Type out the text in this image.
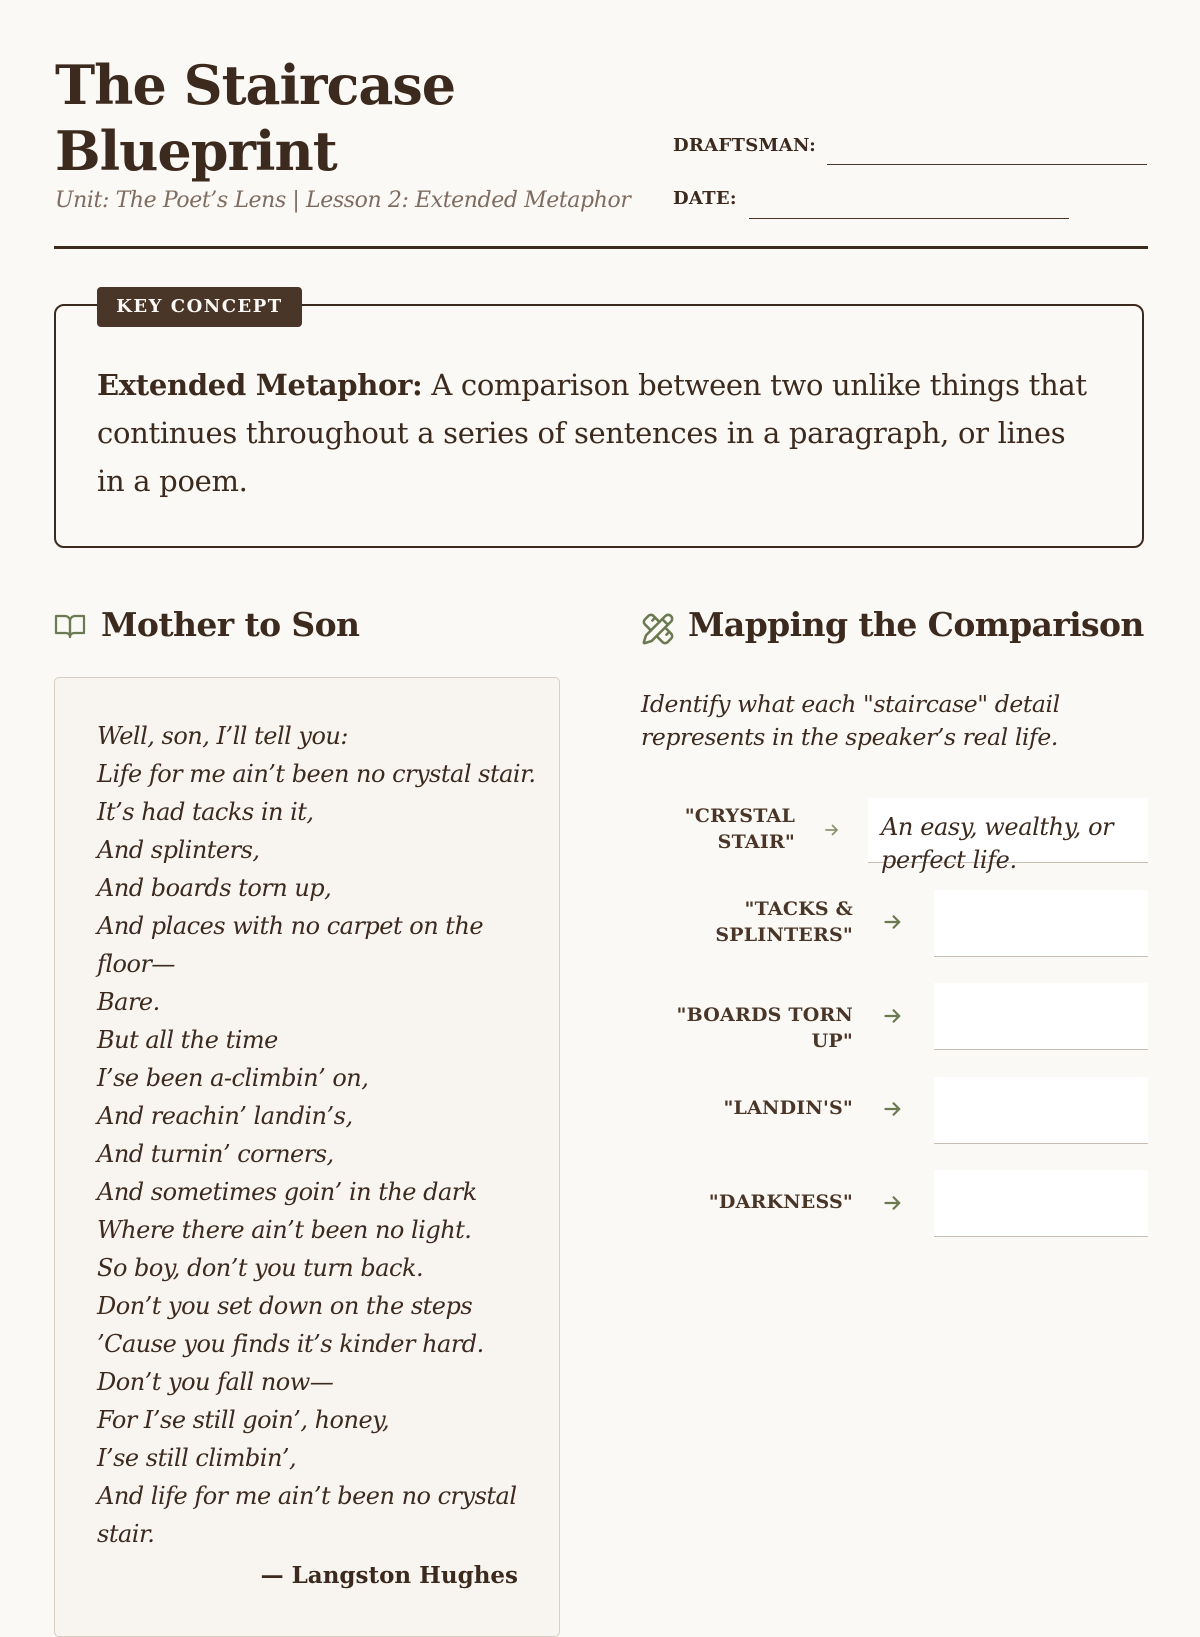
The Staircase Blueprint
Unit: The Poet’s Lens | Lesson 2: Extended Metaphor
DRAFTSMAN:
DATE:
KEY CONCEPT
Extended Metaphor: A comparison between two unlike things that continues throughout a series of sentences in a paragraph, or lines in a poem.
Mother to Son
Well, son, I’ll tell you:
Life for me ain’t been no crystal stair.
It’s had tacks in it,
And splinters,
And boards torn up,
And places with no carpet on the
floor—
Bare.
But all the time
I’se been a-climbin’ on,
And reachin’ landin’s,
And turnin’ corners,
And sometimes goin’ in the dark
Where there ain’t been no light.
So boy, don’t you turn back.
Don’t you set down on the steps
’Cause you finds it’s kinder hard.
Don’t you fall now—
For I’se still goin’, honey,
I’se still climbin’,
And life for me ain’t been no crystal
stair.
— Langston Hughes
Mapping the Comparison
Identify what each "staircase" detail represents in the speaker’s real life.
"CRYSTAL STAIR"
An easy, wealthy, or perfect life.
"TACKS & SPLINTERS"
"BOARDS TORN UP"
"LANDIN'S"
"DARKNESS"
